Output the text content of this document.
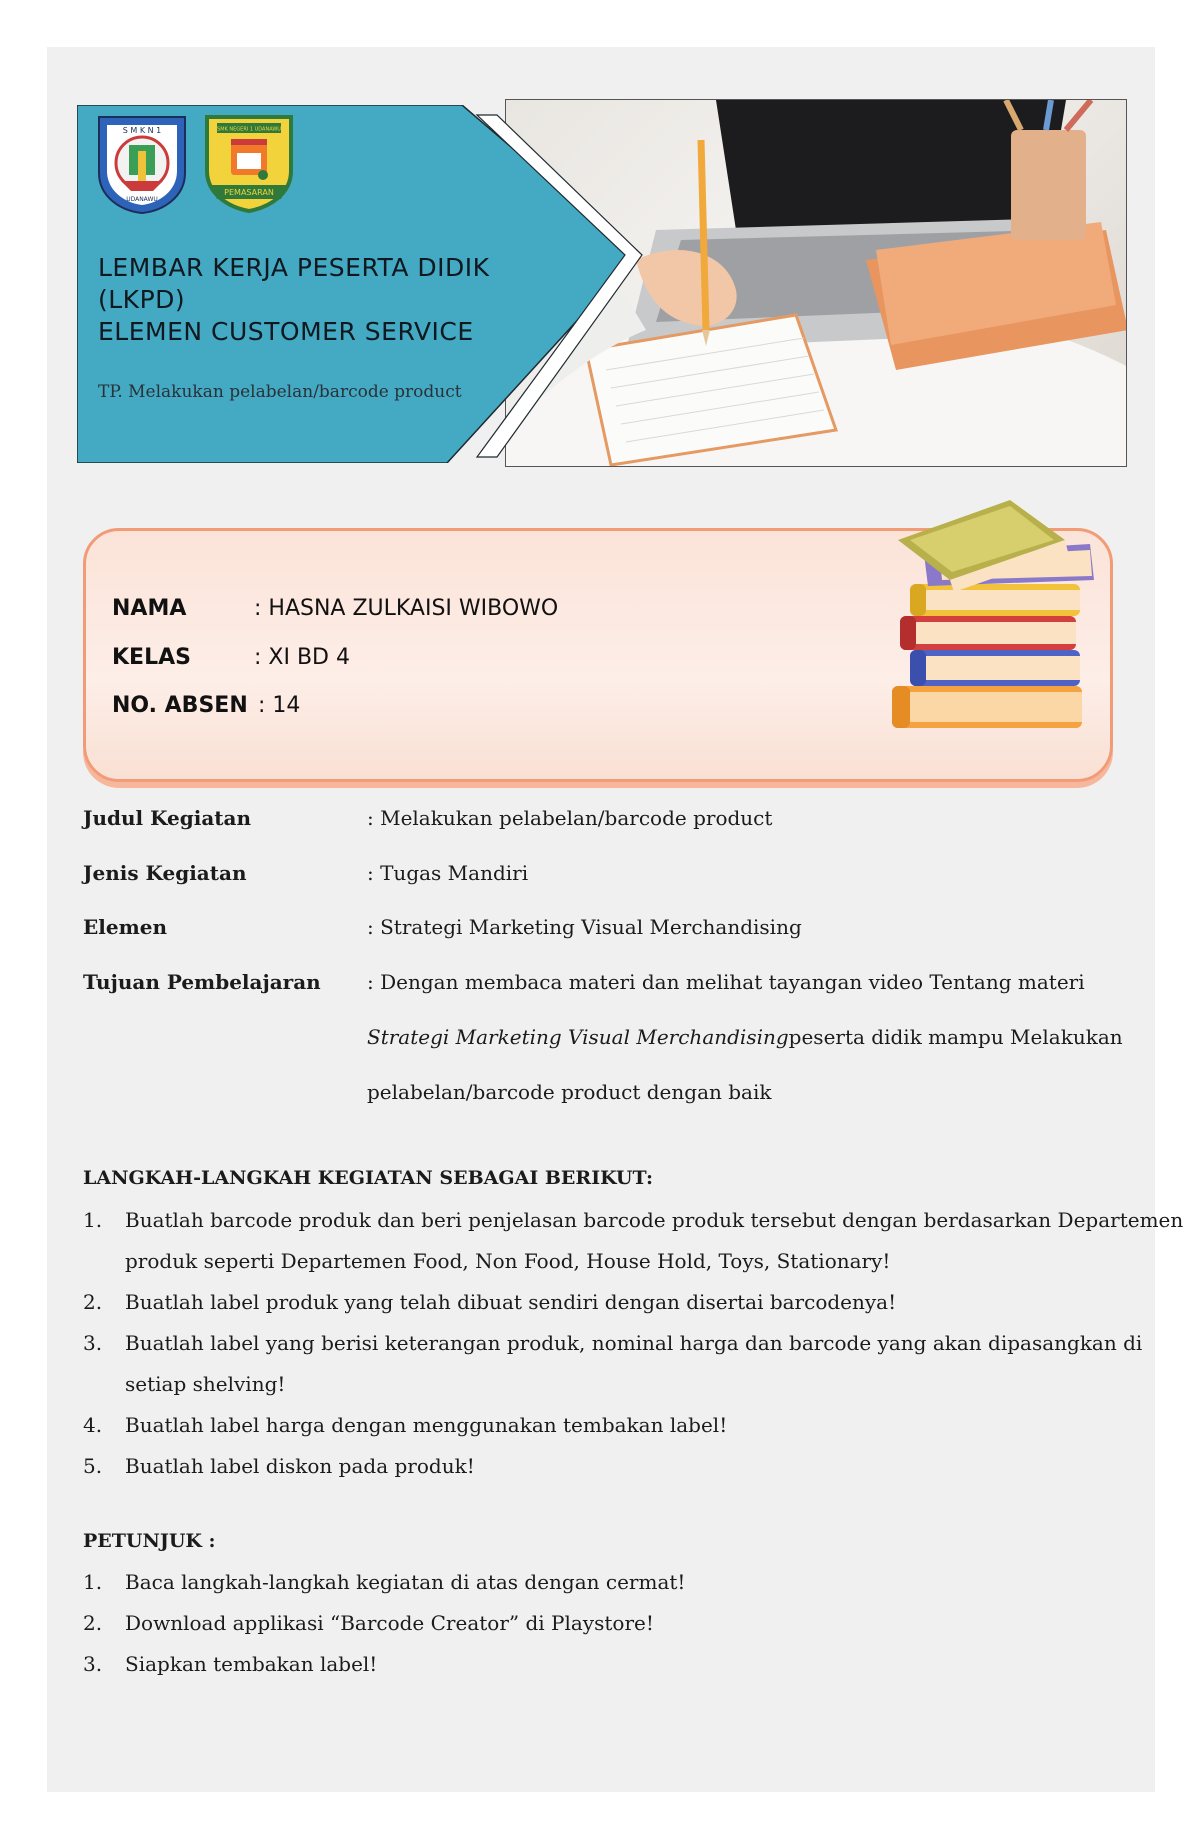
S M K N 1
UDANAWU
SMK NEGERI 1 UDANAWU
PEMASARAN
LEMBAR KERJA PESERTA DIDIK
(LKPD)
ELEMEN CUSTOMER SERVICE
TP. Melakukan pelabelan/barcode product
NAMA	: HASNA ZULKAISI WIBOWO
KELAS	: XI BD 4
NO. ABSEN : 14
Judul Kegiatan	: Melakukan pelabelan/barcode product
Jenis Kegiatan	: Tugas Mandiri
Elemen	: Strategi Marketing Visual Merchandising
Tujuan Pembelajaran : Dengan membaca materi dan melihat tayangan video Tentang materi
Strategi Marketing Visual Merchandisingpeserta didik mampu Melakukan
pelabelan/barcode product dengan baik
LANGKAH-LANGKAH KEGIATAN SEBAGAI BERIKUT:
1. Buatlah barcode produk dan beri penjelasan barcode produk tersebut dengan berdasarkan Departemen
produk seperti Departemen Food, Non Food, House Hold, Toys, Stationary!
2. Buatlah label produk yang telah dibuat sendiri dengan disertai barcodenya!
3. Buatlah label yang berisi keterangan produk, nominal harga dan barcode yang akan dipasangkan di
setiap shelving!
4. Buatlah label harga dengan menggunakan tembakan label!
5. Buatlah label diskon pada produk!
PETUNJUK :
1. Baca langkah-langkah kegiatan di atas dengan cermat!
2. Download applikasi “Barcode Creator” di Playstore!
3. Siapkan tembakan label!
